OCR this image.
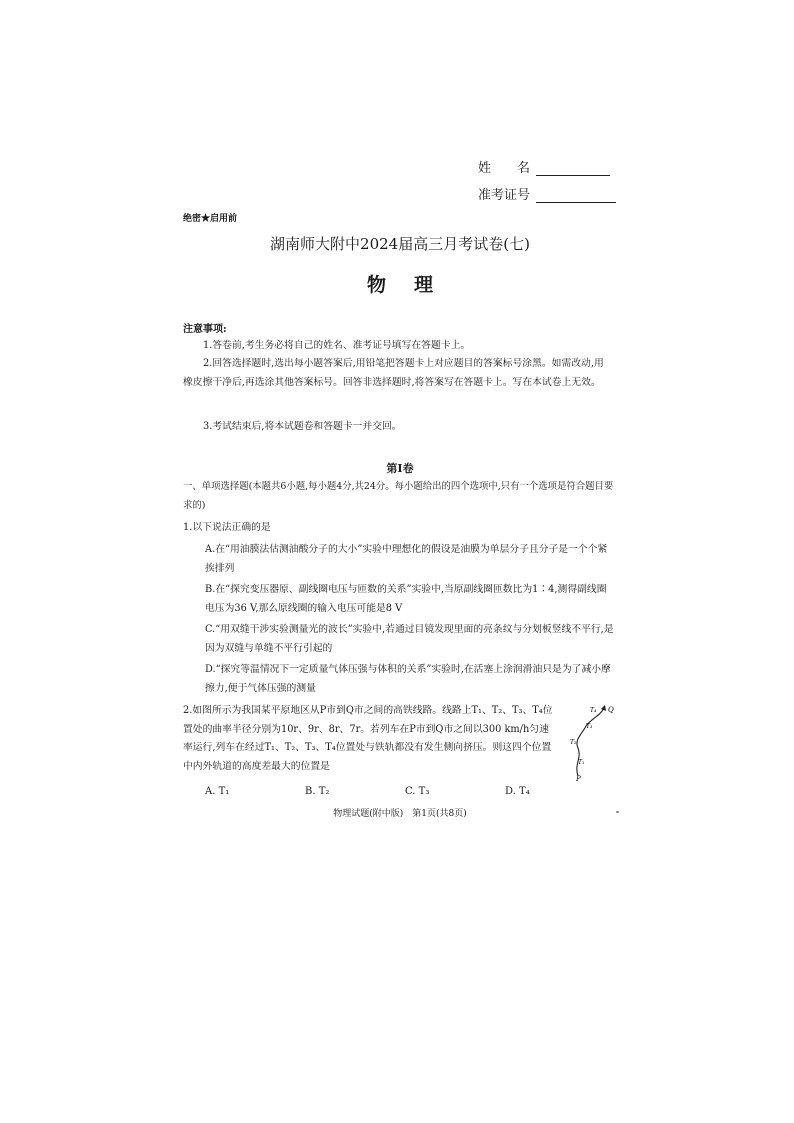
姓　　名
准考证号
绝密★启用前
湖南师大附中2024届高三月考试卷(七)
物理
注意事项:
1.答卷前,考生务必将自己的姓名、准考证号填写在答题卡上。
2.回答选择题时,选出每小题答案后,用铅笔把答题卡上对应题目的答案标号涂黑。如需改动,用橡皮擦干净后,再选涂其他答案标号。回答非选择题时,将答案写在答题卡上。写在本试卷上无效。
3.考试结束后,将本试题卷和答题卡一并交回。
第Ⅰ卷
一、单项选择题(本题共6小题,每小题4分,共24分。每小题给出的四个选项中,只有一个选项是符合题目要求的)
1.以下说法正确的是
A.在“用油膜法估测油酸分子的大小”实验中理想化的假设是油膜为单层分子且分子是一个个紧挨排列
B.在“探究变压器原、副线圈电压与匝数的关系”实验中,当原副线圈匝数比为1∶4,测得副线圈电压为36 V,那么原线圈的输入电压可能是8 V
C.“用双缝干涉实验测量光的波长”实验中,若通过目镜发现里面的亮条纹与分划板竖线不平行,是因为双缝与单缝不平行引起的
D.“探究等温情况下一定质量气体压强与体积的关系”实验时,在活塞上涂润滑油只是为了减小摩擦力,便于气体压强的测量
2.如图所示为我国某平原地区从P市到Q市之间的高铁线路。线路上T₁、T₂、T₃、T₄位置处的曲率半径分别为10r、9r、8r、7r。若列车在P市到Q市之间以300 km/h匀速率运行,列车在经过T₁、T₂、T₃、T₄位置处与铁轨都没有发生侧向挤压。则这四个位置中内外轨道的高度差最大的位置是
A. T₁	B. T₂	C. T₃	D. T₄
Q
T₄
T₃
T₂
T₁
P
物理试题(附中版)　第1页(共8页)
